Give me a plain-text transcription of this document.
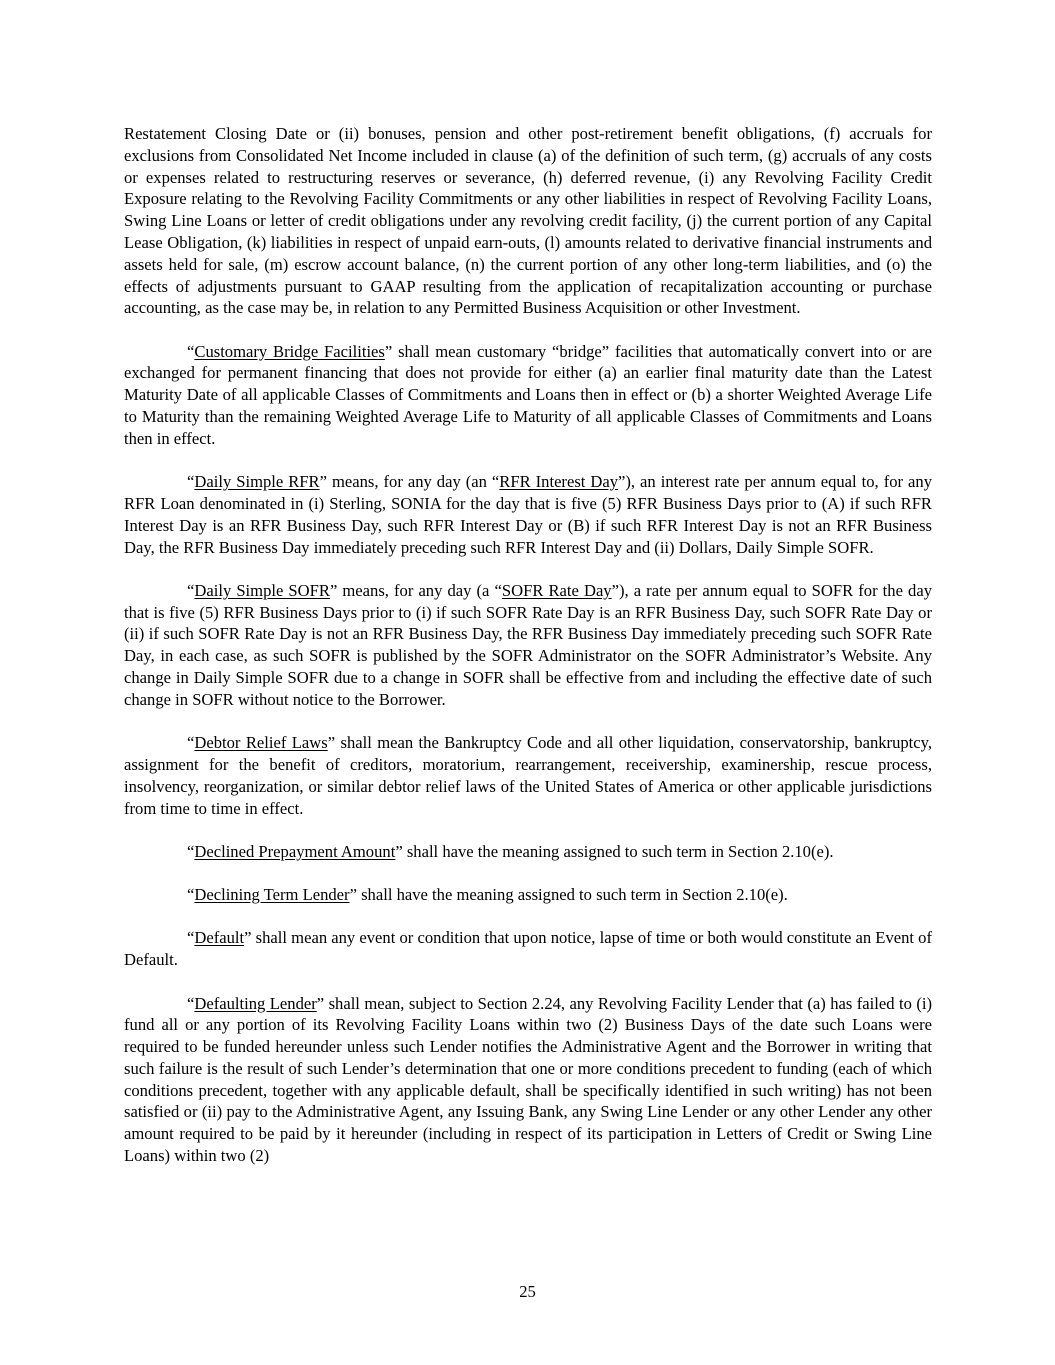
Restatement Closing Date or (ii) bonuses, pension and other post-retirement benefit obligations, (f) accruals for exclusions from Consolidated Net Income included in clause (a) of the definition of such term, (g) accruals of any costs or expenses related to restructuring reserves or severance, (h) deferred revenue, (i) any Revolving Facility Credit Exposure relating to the Revolving Facility Commitments or any other liabilities in respect of Revolving Facility Loans, Swing Line Loans or letter of credit obligations under any revolving credit facility, (j) the current portion of any Capital Lease Obligation, (k) liabilities in respect of unpaid earn-outs, (l) amounts related to derivative financial instruments and assets held for sale, (m) escrow account balance, (n) the current portion of any other long-term liabilities, and (o) the effects of adjustments pursuant to GAAP resulting from the application of recapitalization accounting or purchase accounting, as the case may be, in relation to any Permitted Business Acquisition or other Investment.

“Customary Bridge Facilities” shall mean customary “bridge” facilities that automatically convert into or are exchanged for permanent financing that does not provide for either (a) an earlier final maturity date than the Latest Maturity Date of all applicable Classes of Commitments and Loans then in effect or (b) a shorter Weighted Average Life to Maturity than the remaining Weighted Average Life to Maturity of all applicable Classes of Commitments and Loans then in effect.

“Daily Simple RFR” means, for any day (an “RFR Interest Day”), an interest rate per annum equal to, for any RFR Loan denominated in (i) Sterling, SONIA for the day that is five (5) RFR Business Days prior to (A) if such RFR Interest Day is an RFR Business Day, such RFR Interest Day or (B) if such RFR Interest Day is not an RFR Business Day, the RFR Business Day immediately preceding such RFR Interest Day and (ii) Dollars, Daily Simple SOFR.

“Daily Simple SOFR” means, for any day (a “SOFR Rate Day”), a rate per annum equal to SOFR for the day that is five (5) RFR Business Days prior to (i) if such SOFR Rate Day is an RFR Business Day, such SOFR Rate Day or (ii) if such SOFR Rate Day is not an RFR Business Day, the RFR Business Day immediately preceding such SOFR Rate Day, in each case, as such SOFR is published by the SOFR Administrator on the SOFR Administrator’s Website. Any change in Daily Simple SOFR due to a change in SOFR shall be effective from and including the effective date of such change in SOFR without notice to the Borrower.

“Debtor Relief Laws” shall mean the Bankruptcy Code and all other liquidation, conservatorship, bankruptcy, assignment for the benefit of creditors, moratorium, rearrangement, receivership, examinership, rescue process, insolvency, reorganization, or similar debtor relief laws of the United States of America or other applicable jurisdictions from time to time in effect.

“Declined Prepayment Amount” shall have the meaning assigned to such term in Section 2.10(e).

“Declining Term Lender” shall have the meaning assigned to such term in Section 2.10(e).

“Default” shall mean any event or condition that upon notice, lapse of time or both would constitute an Event of Default.

“Defaulting Lender” shall mean, subject to Section 2.24, any Revolving Facility Lender that (a) has failed to (i) fund all or any portion of its Revolving Facility Loans within two (2) Business Days of the date such Loans were required to be funded hereunder unless such Lender notifies the Administrative Agent and the Borrower in writing that such failure is the result of such Lender’s determination that one or more conditions precedent to funding (each of which conditions precedent, together with any applicable default, shall be specifically identified in such writing) has not been satisfied or (ii) pay to the Administrative Agent, any Issuing Bank, any Swing Line Lender or any other Lender any other amount required to be paid by it hereunder (including in respect of its participation in Letters of Credit or Swing Line Loans) within two (2)

25
